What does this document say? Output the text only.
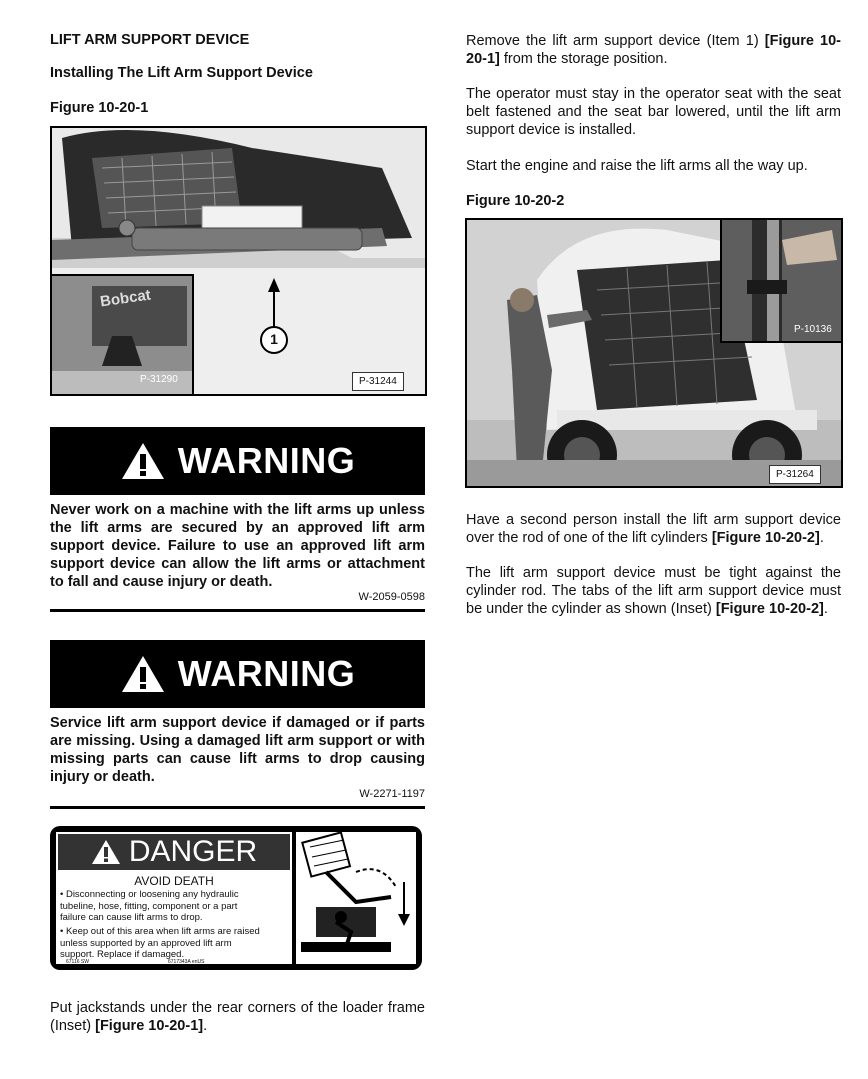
LIFT ARM SUPPORT DEVICE
Installing The Lift Arm Support Device
Figure 10-20-1
1
Bobcat
P-31290	P-31244
WARNING
Never work on a machine with the lift arms up unless the lift arms are secured by an approved lift arm support device. Failure to use an approved lift arm support device can allow the lift arms or attachment to fall and cause injury or death.
W-2059-0598
WARNING
Service lift arm support device if damaged or if parts are missing. Using a damaged lift arm support or with missing parts can cause lift arms to drop causing injury or death.
W-2271-1197
DANGER
AVOID DEATH
• Disconnecting or loosening any hydraulic tubeline, hose, fitting, component or a part failure can cause lift arms to drop.
• Keep out of this area when lift arms are raised unless supported by an approved lift arm support. Replace if damaged.
67116 SW	6717343A enUS
Put jackstands under the rear corners of the loader frame (Inset) [Figure 10-20-1].
Remove the lift arm support device (Item 1) [Figure 10-20-1] from the storage position.
The operator must stay in the operator seat with the seat belt fastened and the seat bar lowered, until the lift arm support device is installed.
Start the engine and raise the lift arms all the way up.
Figure 10-20-2
P-10136
P-31264
Have a second person install the lift arm support device over the rod of one of the lift cylinders [Figure 10-20-2].
The lift arm support device must be tight against the cylinder rod. The tabs of the lift arm support device must be under the cylinder as shown (Inset) [Figure 10-20-2].
